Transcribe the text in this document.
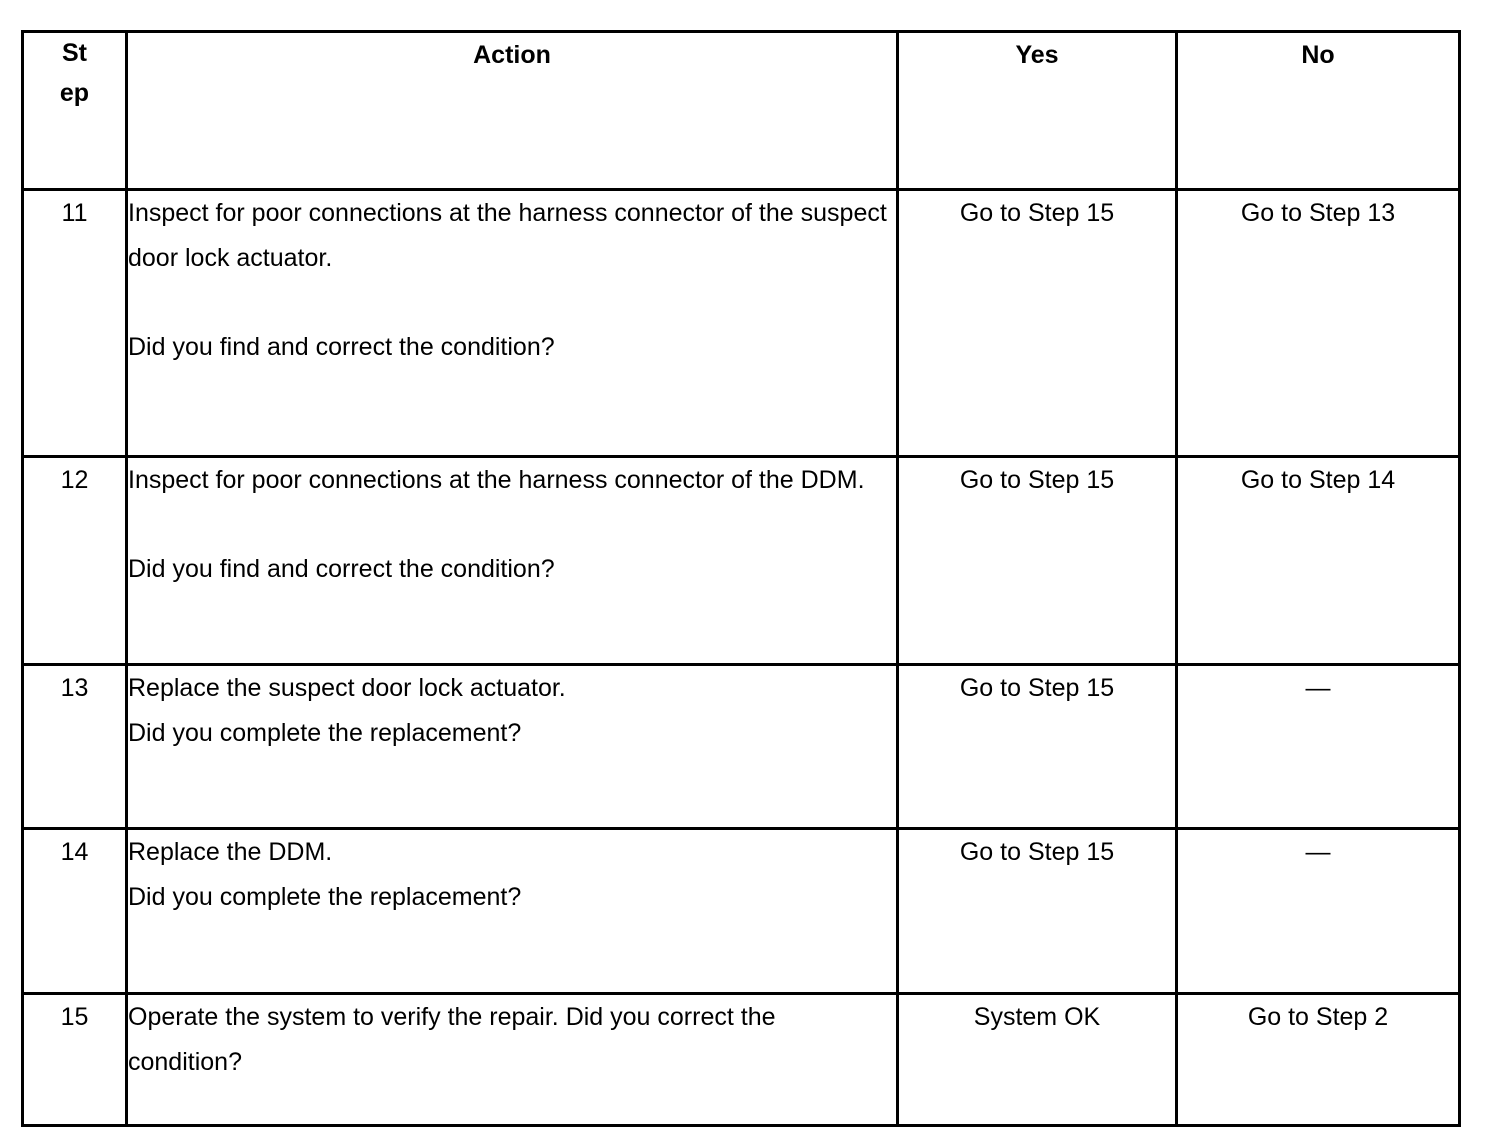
St
ep	Action	Yes	No
11	Inspect for poor connections at the harness connector of the suspect door lock actuator.

Did you find and correct the condition?	Go to Step 15	Go to Step 13
12	Inspect for poor connections at the harness connector of the DDM.

Did you find and correct the condition?	Go to Step 15	Go to Step 14
13	Replace the suspect door lock actuator.

Did you complete the replacement?	Go to Step 15	—
14	Replace the DDM.

Did you complete the replacement?	Go to Step 15	—
15	Operate the system to verify the repair. Did you correct the condition?	System OK	Go to Step 2
